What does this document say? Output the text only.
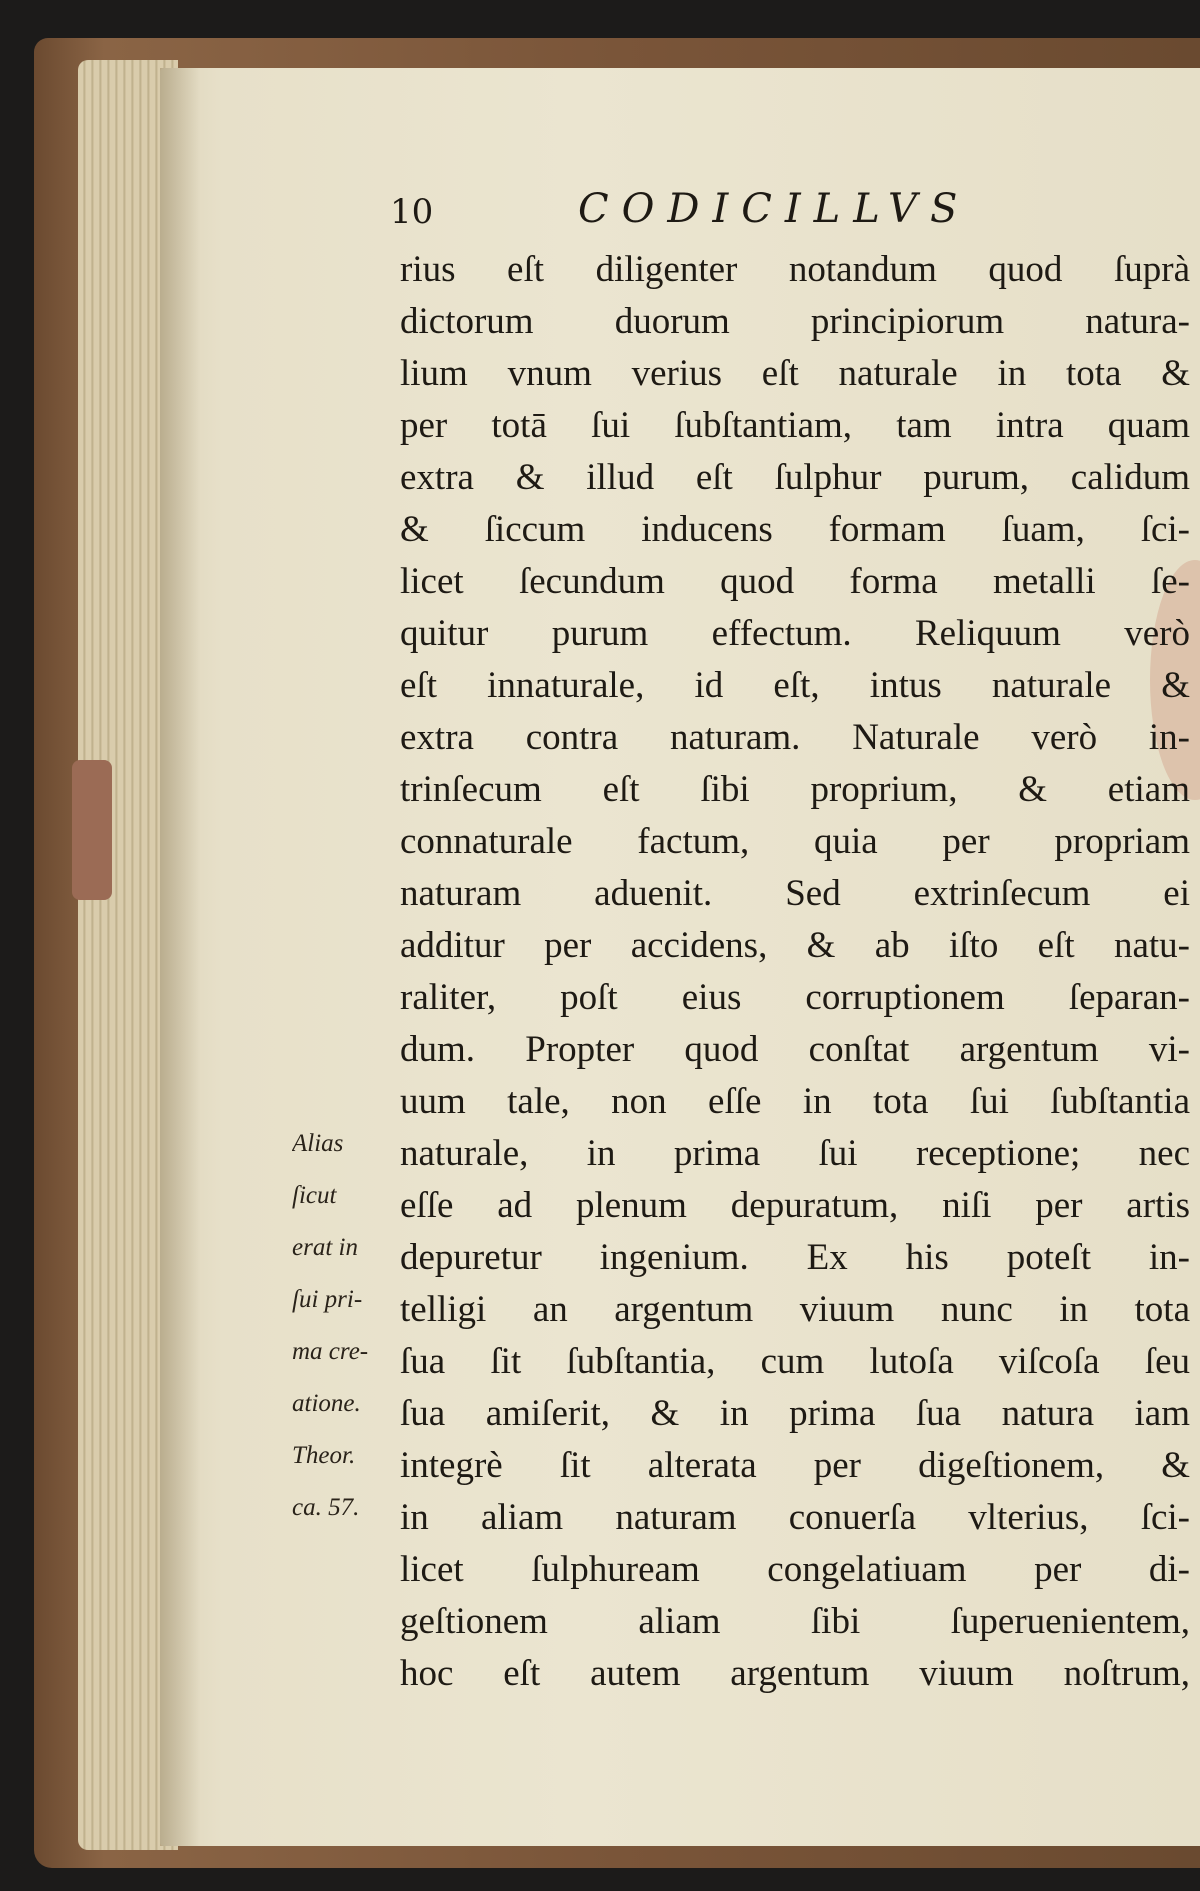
10	CODICILLVS
rius eſt diligenter notandum quod ſuprà
dictorum duorum principiorum natura-
lium vnum verius eſt naturale in tota &
per totā ſui ſubſtantiam, tam intra quam
extra & illud eſt ſulphur purum, calidum
& ſiccum inducens formam ſuam, ſci-
licet ſecundum quod forma metalli ſe-
quitur purum effectum. Reliquum verò
eſt innaturale, id eſt, intus naturale &
extra contra naturam. Naturale verò in-
trinſecum eſt ſibi proprium, & etiam
connaturale factum, quia per propriam
naturam aduenit. Sed extrinſecum ei
additur per accidens, & ab iſto eſt natu-
raliter, poſt eius corruptionem ſeparan-
dum. Propter quod conſtat argentum vi-
uum tale, non eſſe in tota ſui ſubſtantia
naturale, in prima ſui receptione; nec
eſſe ad plenum depuratum, niſi per artis
depuretur ingenium. Ex his poteſt in-
telligi an argentum viuum nunc in tota
ſua ſit ſubſtantia, cum lutoſa viſcoſa ſeu
ſua amiſerit, & in prima ſua natura iam
integrè ſit alterata per digeſtionem, &
in aliam naturam conuerſa vlterius, ſci-
licet ſulphuream congelatiuam per di-
geſtionem aliam ſibi ſuperuenientem,
hoc eſt autem argentum viuum noſtrum,
Alias
ſicut
erat in
ſui pri-
ma cre-
atione.
Theor.
ca. 57.
